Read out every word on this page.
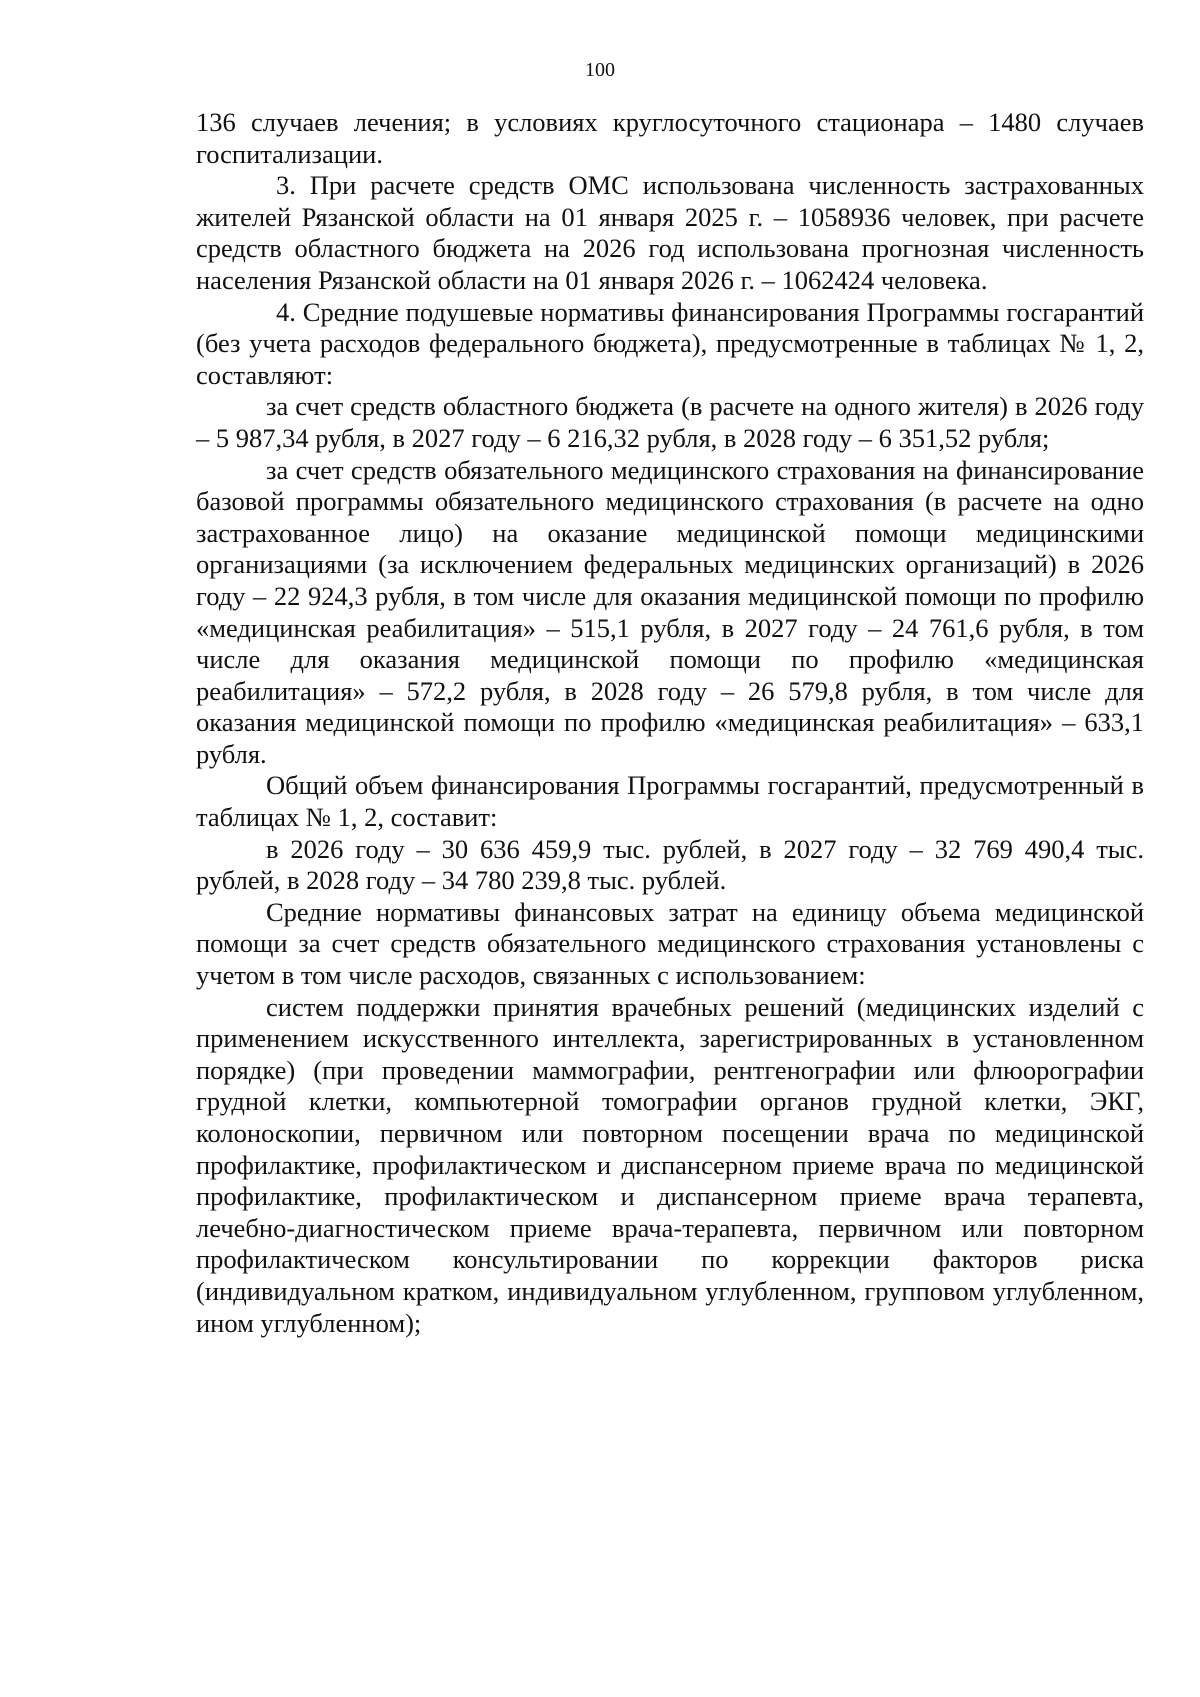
100

136 случаев лечения; в условиях круглосуточного стационара – 1480 случаев госпитализации.

3. При расчете средств ОМС использована численность застрахованных жителей Рязанской области на 01 января 2025 г. – 1058936 человек, при расчете средств областного бюджета на 2026 год использована прогнозная численность населения Рязанской области на 01 января 2026 г. – 1062424 человека.

4. Средние подушевые нормативы финансирования Программы госгарантий (без учета расходов федерального бюджета), предусмотренные в таблицах № 1, 2, составляют:

за счет средств областного бюджета (в расчете на одного жителя) в 2026 году – 5 987,34 рубля, в 2027 году – 6 216,32 рубля, в 2028 году – 6 351,52 рубля;

за счет средств обязательного медицинского страхования на финансирование базовой программы обязательного медицинского страхования (в расчете на одно застрахованное лицо) на оказание медицинской помощи медицинскими организациями (за исключением федеральных медицинских организаций) в 2026 году – 22 924,3 рубля, в том числе для оказания медицинской помощи по профилю «медицинская реабилитация» – 515,1 рубля, в 2027 году – 24 761,6 рубля, в том числе для оказания медицинской помощи по профилю «медицинская реабилитация» – 572,2 рубля, в 2028 году – 26 579,8 рубля, в том числе для оказания медицинской помощи по профилю «медицинская реабилитация» – 633,1 рубля.

Общий объем финансирования Программы госгарантий, предусмотренный в таблицах № 1, 2, составит:

в 2026 году – 30 636 459,9 тыс. рублей, в 2027 году – 32 769 490,4 тыс. рублей, в 2028 году – 34 780 239,8 тыс. рублей.

Средние нормативы финансовых затрат на единицу объема медицинской помощи за счет средств обязательного медицинского страхования установлены с учетом в том числе расходов, связанных с использованием:

систем поддержки принятия врачебных решений (медицинских изделий с применением искусственного интеллекта, зарегистрированных в установленном порядке) (при проведении маммографии, рентгенографии или флюорографии грудной клетки, компьютерной томографии органов грудной клетки, ЭКГ, колоноскопии, первичном или повторном посещении врача по медицинской профилактике, профилактическом и диспансерном приеме врача по медицинской профилактике, профилактическом и диспансерном приеме врача терапевта, лечебно-диагностическом приеме врача-терапевта, первичном или повторном профилактическом консультировании по коррекции факторов риска (индивидуальном кратком, индивидуальном углубленном, групповом углубленном, ином углубленном);
